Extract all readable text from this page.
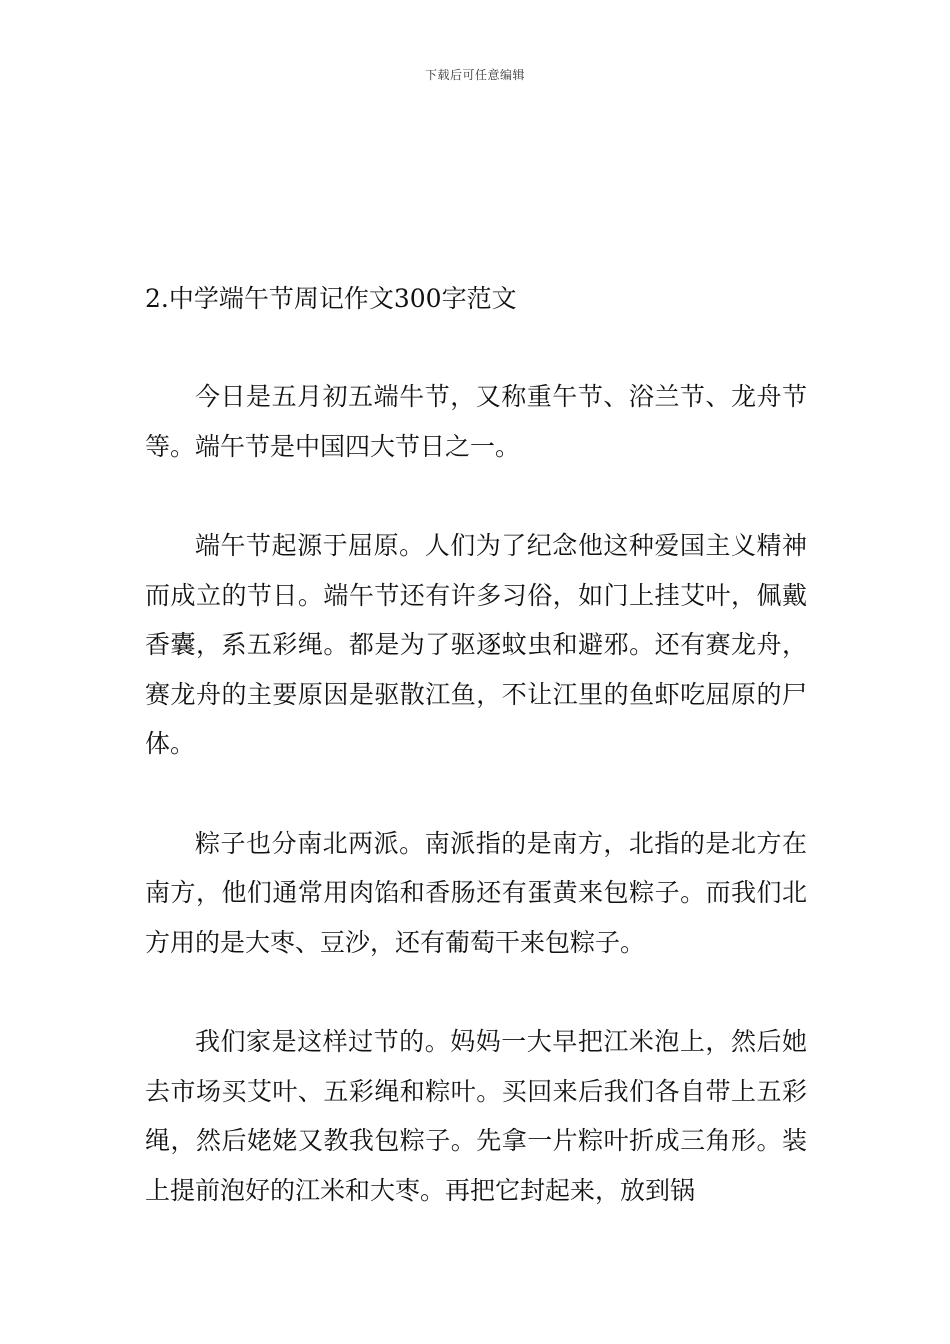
下载后可任意编辑
2.中学端午节周记作文300字范文

今日是五月初五端牛节，又称重午节、浴兰节、龙舟节等。端午节是中国四大节日之一。

端午节起源于屈原。人们为了纪念他这种爱国主义精神而成立的节日。端午节还有许多习俗，如门上挂艾叶，佩戴香囊，系五彩绳。都是为了驱逐蚊虫和避邪。还有赛龙舟，赛龙舟的主要原因是驱散江鱼，不让江里的鱼虾吃屈原的尸体。

粽子也分南北两派。南派指的是南方，北指的是北方在南方，他们通常用肉馅和香肠还有蛋黄来包粽子。而我们北方用的是大枣、豆沙，还有葡萄干来包粽子。

我们家是这样过节的。妈妈一大早把江米泡上，然后她去市场买艾叶、五彩绳和粽叶。买回来后我们各自带上五彩绳，然后姥姥又教我包粽子。先拿一片粽叶折成三角形。装上提前泡好的江米和大枣。再把它封起来，放到锅
